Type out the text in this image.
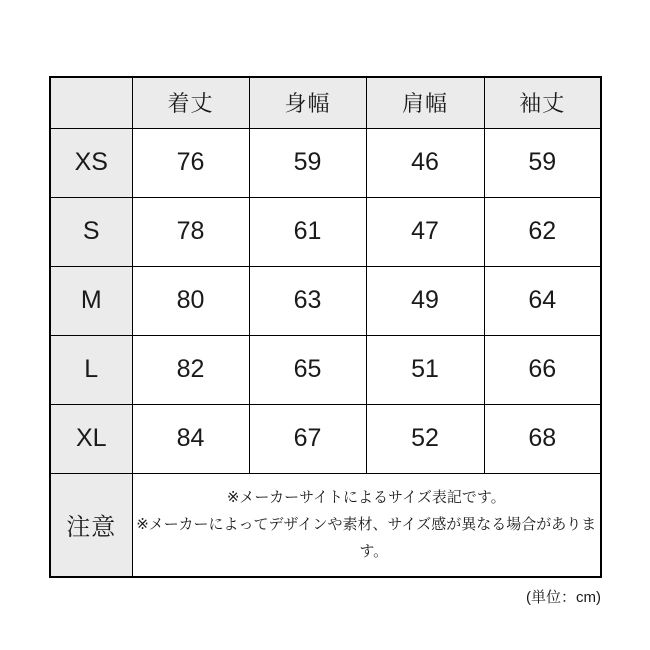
	着丈	身幅	肩幅	袖丈
XS	76	59	46	59
S	78	61	47	62
M	80	63	49	64
L	82	65	51	66
XL	84	67	52	68
注意	※メーカーサイトによるサイズ表記です。
※メーカーによってデザインや素材、サイズ感が異なる場合があります。			
(単位：cm)
